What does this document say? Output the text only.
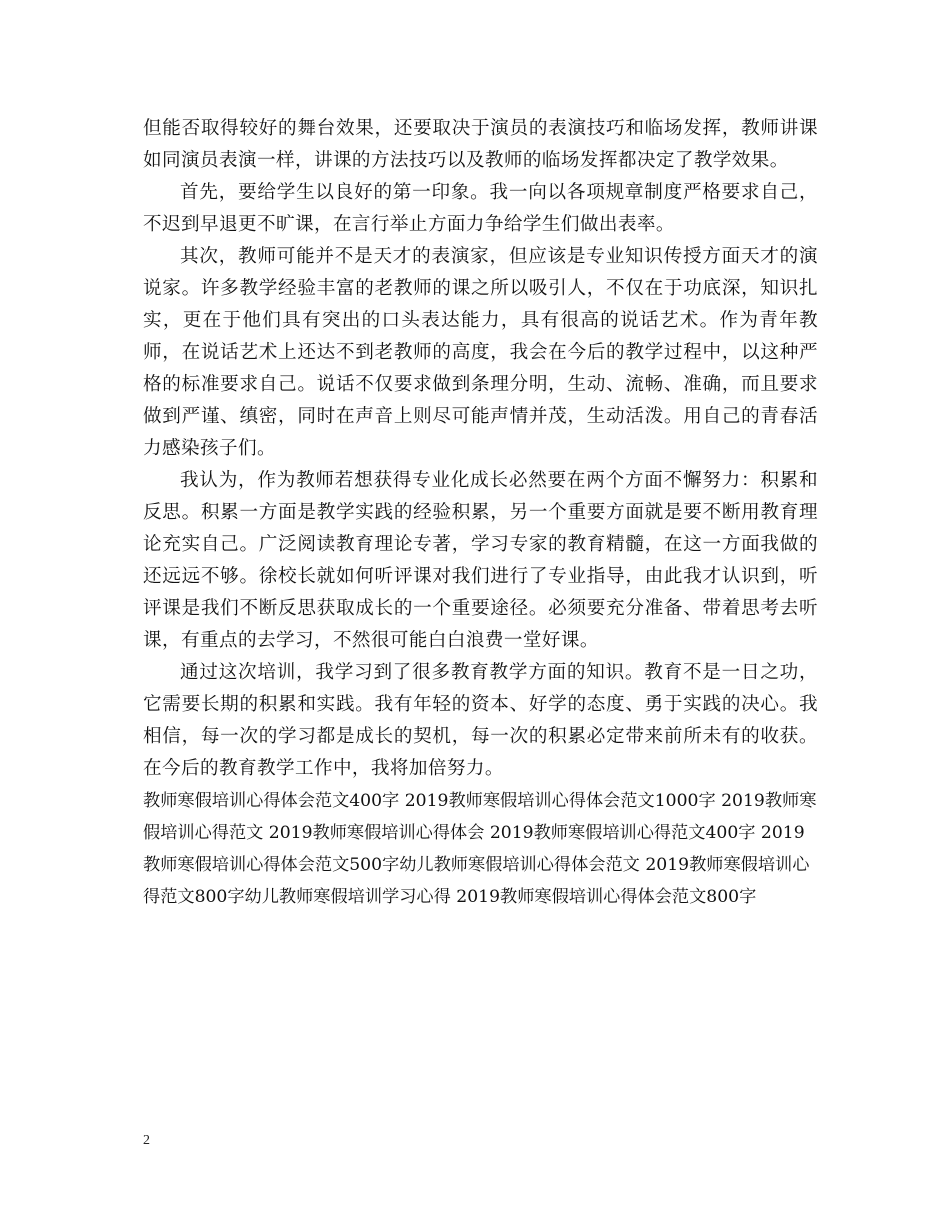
但能否取得较好的舞台效果，还要取决于演员的表演技巧和临场发挥，教师讲课如同演员表演一样，讲课的方法技巧以及教师的临场发挥都决定了教学效果。

首先，要给学生以良好的第一印象。我一向以各项规章制度严格要求自己，不迟到早退更不旷课，在言行举止方面力争给学生们做出表率。

其次，教师可能并不是天才的表演家，但应该是专业知识传授方面天才的演说家。许多教学经验丰富的老教师的课之所以吸引人，不仅在于功底深，知识扎实，更在于他们具有突出的口头表达能力，具有很高的说话艺术。作为青年教师，在说话艺术上还达不到老教师的高度，我会在今后的教学过程中，以这种严格的标准要求自己。说话不仅要求做到条理分明，生动、流畅、准确，而且要求做到严谨、缜密，同时在声音上则尽可能声情并茂，生动活泼。用自己的青春活力感染孩子们。

我认为，作为教师若想获得专业化成长必然要在两个方面不懈努力：积累和反思。积累一方面是教学实践的经验积累，另一个重要方面就是要不断用教育理论充实自己。广泛阅读教育理论专著，学习专家的教育精髓，在这一方面我做的还远远不够。徐校长就如何听评课对我们进行了专业指导，由此我才认识到，听评课是我们不断反思获取成长的一个重要途径。必须要充分准备、带着思考去听课，有重点的去学习，不然很可能白白浪费一堂好课。

通过这次培训，我学习到了很多教育教学方面的知识。教育不是一日之功，它需要长期的积累和实践。我有年轻的资本、好学的态度、勇于实践的决心。我相信，每一次的学习都是成长的契机，每一次的积累必定带来前所未有的收获。在今后的教育教学工作中，我将加倍努力。

教师寒假培训心得体会范文400字 2019教师寒假培训心得体会范文1000字 2019教师寒假培训心得范文 2019教师寒假培训心得体会 2019教师寒假培训心得范文400字 2019教师寒假培训心得体会范文500字幼儿教师寒假培训心得体会范文 2019教师寒假培训心得范文800字幼儿教师寒假培训学习心得 2019教师寒假培训心得体会范文800字

2
